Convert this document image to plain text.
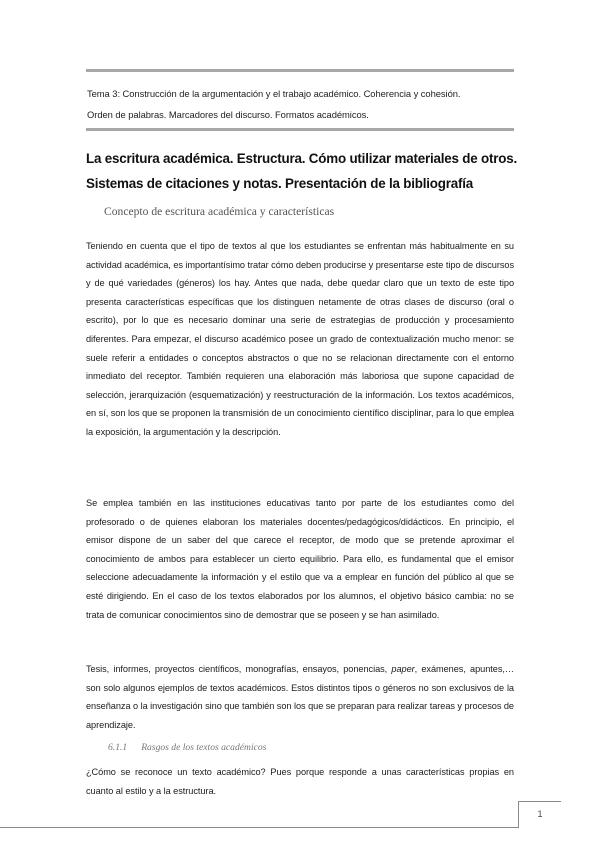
Tema 3: Construcción de la argumentación y el trabajo académico. Coherencia y cohesión.
Orden de palabras. Marcadores del discurso. Formatos académicos.
La escritura académica. Estructura. Cómo utilizar materiales de otros.
Sistemas de citaciones y notas. Presentación de la bibliografía
Concepto de escritura académica y características
Teniendo en cuenta que el tipo de textos al que los estudiantes se enfrentan más habitualmente en su actividad académica, es importantísimo tratar cómo deben producirse y presentarse este tipo de discursos y de qué variedades (géneros) los hay. Antes que nada, debe quedar claro que un texto de este tipo presenta características específicas que los distinguen netamente de otras clases de discurso (oral o escrito), por lo que es necesario dominar una serie de estrategias de producción y procesamiento diferentes. Para empezar, el discurso académico posee un grado de contextualización mucho menor: se suele referir a entidades o conceptos abstractos o que no se relacionan directamente con el entorno inmediato del receptor. También requieren una elaboración más laboriosa que supone capacidad de selección, jerarquización (esquematización) y reestructuración de la información. Los textos académicos, en sí, son los que se proponen la transmisión de un conocimiento científico disciplinar, para lo que emplea la exposición, la argumentación y la descripción.
Se emplea también en las instituciones educativas tanto por parte de los estudiantes como del profesorado o de quienes elaboran los materiales docentes/pedagógicos/didácticos. En principio, el emisor dispone de un saber del que carece el receptor, de modo que se pretende aproximar el conocimiento de ambos para establecer un cierto equilibrio. Para ello, es fundamental que el emisor seleccione adecuadamente la información y el estilo que va a emplear en función del público al que se esté dirigiendo. En el caso de los textos elaborados por los alumnos, el objetivo básico cambia: no se trata de comunicar conocimientos sino de demostrar que se poseen y se han asimilado.
Tesis, informes, proyectos científicos, monografías, ensayos, ponencias, paper, exámenes, apuntes,… son solo algunos ejemplos de textos académicos. Estos distintos tipos o géneros no son exclusivos de la enseñanza o la investigación sino que también son los que se preparan para realizar tareas y procesos de aprendizaje.
6.1.1 Rasgos de los textos académicos
¿Cómo se reconoce un texto académico? Pues porque responde a unas características propias en cuanto al estilo y a la estructura.
1
